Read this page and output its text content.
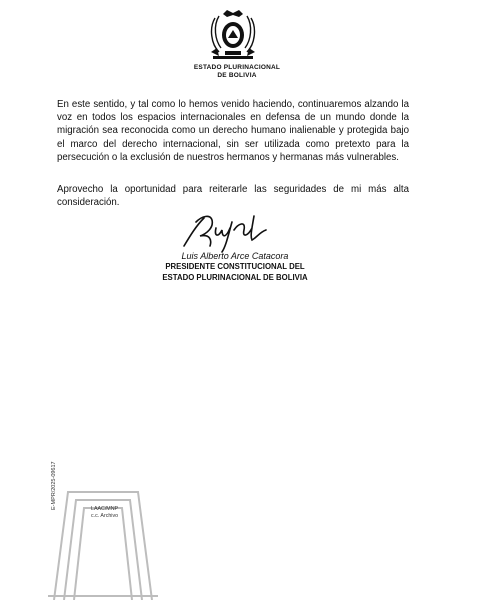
ESTADO PLURINACIONAL
DE BOLIVIA

En este sentido, y tal como lo hemos venido haciendo, continuaremos alzando la voz en todos los espacios internacionales en defensa de un mundo donde la migración sea reconocida como un derecho humano inalienable y protegida bajo el marco del derecho internacional, sin ser utilizada como pretexto para la persecución o la exclusión de nuestros hermanos y hermanas más vulnerables.

Aprovecho la oportunidad para reiterarle las seguridades de mi más alta consideración.

Luis Alberto Arce Catacora
PRESIDENTE CONSTITUCIONAL DEL
ESTADO PLURINACIONAL DE BOLIVIA
E-MPR/2025-09617	LAAC/MNP
c.c. Archivo
